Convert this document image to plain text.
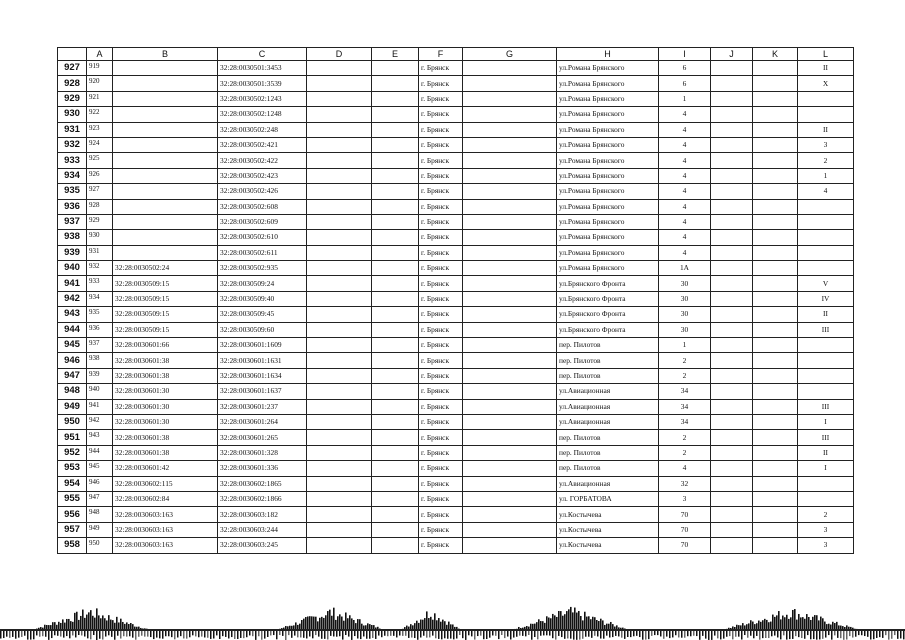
	A	B	C	D	E	F	G	H	I	J	K	L
927	919		32:28:0030501:3453			г. Брянск		ул.Романа Брянского	6			II
928	920		32:28:0030501:3539			г. Брянск		ул.Романа Брянского	6			X
929	921		32:28:0030502:1243			г. Брянск		ул.Романа Брянского	1			
930	922		32:28:0030502:1248			г. Брянск		ул.Романа Брянского	4			
931	923		32:28:0030502:248			г. Брянск		ул.Романа Брянского	4			II
932	924		32:28:0030502:421			г. Брянск		ул.Романа Брянского	4			3
933	925		32:28:0030502:422			г. Брянск		ул.Романа Брянского	4			2
934	926		32:28:0030502:423			г. Брянск		ул.Романа Брянского	4			1
935	927		32:28:0030502:426			г. Брянск		ул.Романа Брянского	4			4
936	928		32:28:0030502:608			г. Брянск		ул.Романа Брянского	4			
937	929		32:28:0030502:609			г. Брянск		ул.Романа Брянского	4			
938	930		32:28:0030502:610			г. Брянск		ул.Романа Брянского	4			
939	931		32:28:0030502:611			г. Брянск		ул.Романа Брянского	4			
940	932	32:28:0030502:24	32:28:0030502:935			г. Брянск		ул.Романа Брянского	1А			
941	933	32:28:0030509:15	32:28:0030509:24			г. Брянск		ул.Брянского Фронта	30			V
942	934	32:28:0030509:15	32:28:0030509:40			г. Брянск		ул.Брянского Фронта	30			IV
943	935	32:28:0030509:15	32:28:0030509:45			г. Брянск		ул.Брянского Фронта	30			II
944	936	32:28:0030509:15	32:28:0030509:60			г. Брянск		ул.Брянского Фронта	30			III
945	937	32:28:0030601:66	32:28:0030601:1609			г. Брянск		пер. Пилотов	1			
946	938	32:28:0030601:38	32:28:0030601:1631			г. Брянск		пер. Пилотов	2			
947	939	32:28:0030601:38	32:28:0030601:1634			г. Брянск		пер. Пилотов	2			
948	940	32:28:0030601:30	32:28:0030601:1637			г. Брянск		ул.Авиационная	34			
949	941	32:28:0030601:30	32:28:0030601:237			г. Брянск		ул.Авиационная	34			III
950	942	32:28:0030601:30	32:28:0030601:264			г. Брянск		ул.Авиационная	34			I
951	943	32:28:0030601:38	32:28:0030601:265			г. Брянск		пер. Пилотов	2			III
952	944	32:28:0030601:38	32:28:0030601:328			г. Брянск		пер. Пилотов	2			II
953	945	32:28:0030601:42	32:28:0030601:336			г. Брянск		пер. Пилотов	4			I
954	946	32:28:0030602:115	32:28:0030602:1865			г. Брянск		ул.Авиационная	32			
955	947	32:28:0030602:84	32:28:0030602:1866			г. Брянск		ул. ГОРБАТОВА	3			
956	948	32:28:0030603:163	32:28:0030603:182			г. Брянск		ул.Костычева	70			2
957	949	32:28:0030603:163	32:28:0030603:244			г. Брянск		ул.Костычева	70			3
958	950	32:28:0030603:163	32:28:0030603:245			г. Брянск		ул.Костычева	70			3
